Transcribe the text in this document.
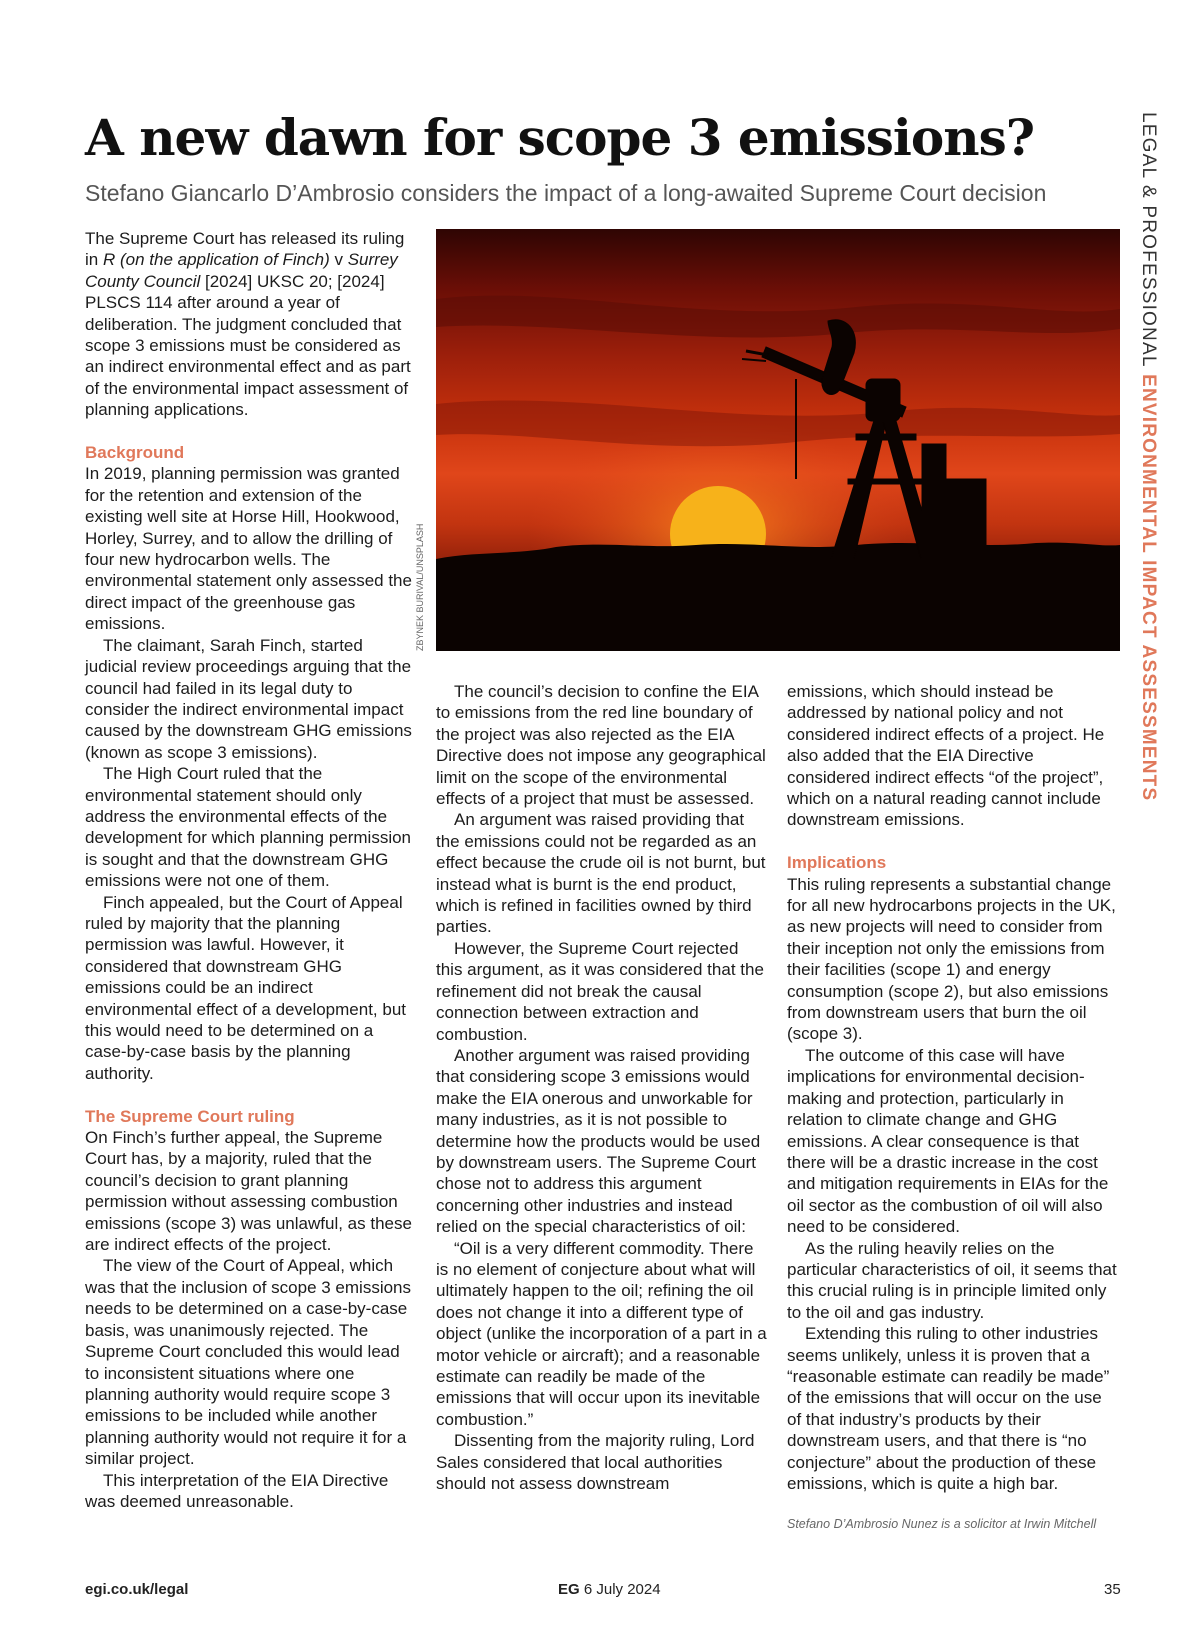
A new dawn for scope 3 emissions?
Stefano Giancarlo D’Ambrosio considers the impact of a long-awaited Supreme Court decision	LEGAL & PROFESSIONAL ENVIRONMENTAL IMPACT ASSESSMENTS

The Supreme Court has released its ruling in R (on the application of Finch) v Surrey County Council [2024] UKSC 20; [2024] PLSCS 114 after around a year of deliberation. The judgment concluded that scope 3 emissions must be considered as an indirect environmental effect and as part of the environmental impact assessment of planning applications.

Background

In 2019, planning permission was granted for the retention and extension of the existing well site at Horse Hill, Hookwood, Horley, Surrey, and to allow the drilling of four new hydrocarbon wells. The environmental statement only assessed the direct impact of the greenhouse gas emissions.

The claimant, Sarah Finch, started judicial review proceedings arguing that the council had failed in its legal duty to consider the indirect environmental impact caused by the downstream GHG emissions (known as scope 3 emissions).

The High Court ruled that the environmental statement should only address the environmental effects of the development for which planning permission is sought and that the downstream GHG emissions were not one of them.

Finch appealed, but the Court of Appeal ruled by majority that the planning permission was lawful. However, it considered that downstream GHG emissions could be an indirect environmental effect of a development, but this would need to be determined on a case-by-case basis by the planning authority.

The Supreme Court ruling

On Finch’s further appeal, the Supreme Court has, by a majority, ruled that the council’s decision to grant planning permission without assessing combustion emissions (scope 3) was unlawful, as these are indirect effects of the project.

The view of the Court of Appeal, which was that the inclusion of scope 3 emissions needs to be determined on a case-by-case basis, was unanimously rejected. The Supreme Court concluded this would lead to inconsistent situations where one planning authority would require scope 3 emissions to be included while another planning authority would not require it for a similar project.

This interpretation of the EIA Directive was deemed unreasonable.

ZBYNEK BURIVAL/UNSPLASH

The council’s decision to confine the EIA to emissions from the red line boundary of the project was also rejected as the EIA Directive does not impose any geographical limit on the scope of the environmental effects of a project that must be assessed.

An argument was raised providing that the emissions could not be regarded as an effect because the crude oil is not burnt, but instead what is burnt is the end product, which is refined in facilities owned by third parties.

However, the Supreme Court rejected this argument, as it was considered that the refinement did not break the causal connection between extraction and combustion.

Another argument was raised providing that considering scope 3 emissions would make the EIA onerous and unworkable for many industries, as it is not possible to determine how the products would be used by downstream users. The Supreme Court chose not to address this argument concerning other industries and instead relied on the special characteristics of oil:

“Oil is a very different commodity. There is no element of conjecture about what will ultimately happen to the oil; refining the oil does not change it into a different type of object (unlike the incorporation of a part in a motor vehicle or aircraft); and a reasonable estimate can readily be made of the emissions that will occur upon its inevitable combustion.”

Dissenting from the majority ruling, Lord Sales considered that local authorities should not assess downstream

emissions, which should instead be addressed by national policy and not considered indirect effects of a project. He also added that the EIA Directive considered indirect effects “of the project”, which on a natural reading cannot include downstream emissions.

Implications

This ruling represents a substantial change for all new hydrocarbons projects in the UK, as new projects will need to consider from their inception not only the emissions from their facilities (scope 1) and energy consumption (scope 2), but also emissions from downstream users that burn the oil (scope 3).

The outcome of this case will have implications for environmental decision-making and protection, particularly in relation to climate change and GHG emissions. A clear consequence is that there will be a drastic increase in the cost and mitigation requirements in EIAs for the oil sector as the combustion of oil will also need to be considered.

As the ruling heavily relies on the particular characteristics of oil, it seems that this crucial ruling is in principle limited only to the oil and gas industry.

Extending this ruling to other industries seems unlikely, unless it is proven that a “reasonable estimate can readily be made” of the emissions that will occur on the use of that industry’s products by their downstream users, and that there is “no conjecture” about the production of these emissions, which is quite a high bar.

Stefano D’Ambrosio Nunez is a solicitor at Irwin Mitchell

egi.co.uk/legal	EG 6 July 2024	35
